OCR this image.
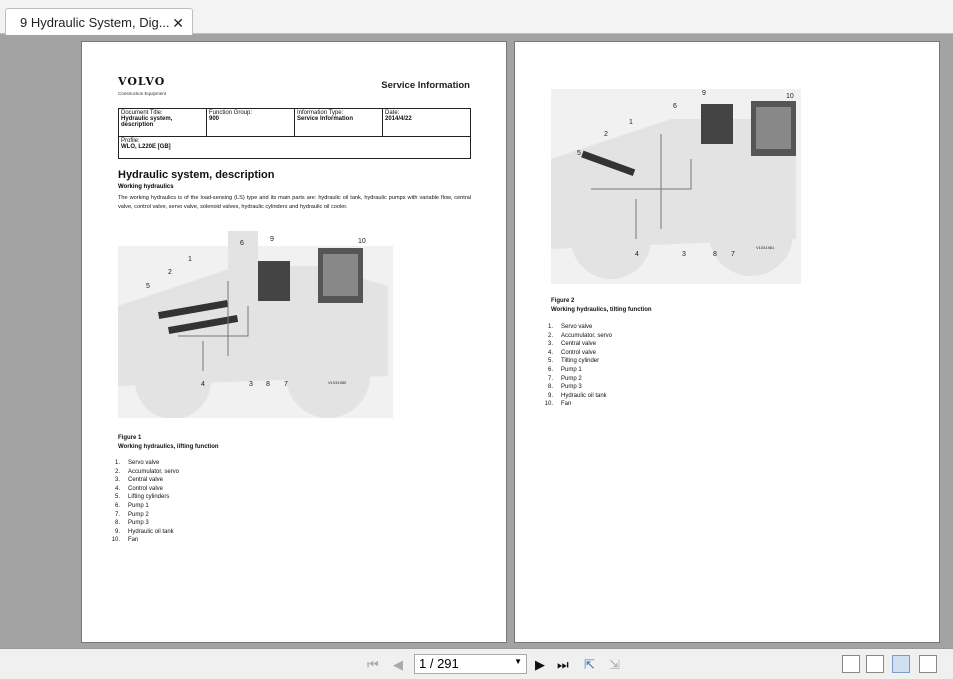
9 Hydraulic System, Dig... ✕
VOLVO
Construction Equipment
Service Information
Document Title:
Hydraulic system, description
	Function Group:
900
	Information Type:
Service Information
	Date:
2014/4/22

Profile:
WLO, L220E [GB]
Hydraulic system, description
Working hydraulics
The working hydraulics is of the load-sensing (LS) type and its main parts are: hydraulic oil tank, hydraulic pumps with variable flow, central valve, control valve, servo valve, solenoid valves, hydraulic cylinders and hydraulic oil cooler.
1
2
3
4
5
6
7
8
9	10
V1031980
Figure 1
Working hydraulics, lifting function
1.	Servo valve
2.	Accumulator, servo
3.	Central valve
4.	Control valve
5.	Lifting cylinders
6.	Pump 1
7.	Pump 2
8.	Pump 3
9.	Hydraulic oil tank
10.	Fan
1
2
3
4
5
6
7
8
9	10
V1031981
Figure 2
Working hydraulics, tilting function
1.	Servo valve
2.	Accumulator, servo
3.	Central valve
4.	Control valve
5.	Tilting cylinder
6.	Pump 1
7.	Pump 2
8.	Pump 3
9.	Hydraulic oil tank
10.	Fan
⏮ ◀	1 / 291	▼ ▶ ⏭ ⇱ ⇲
